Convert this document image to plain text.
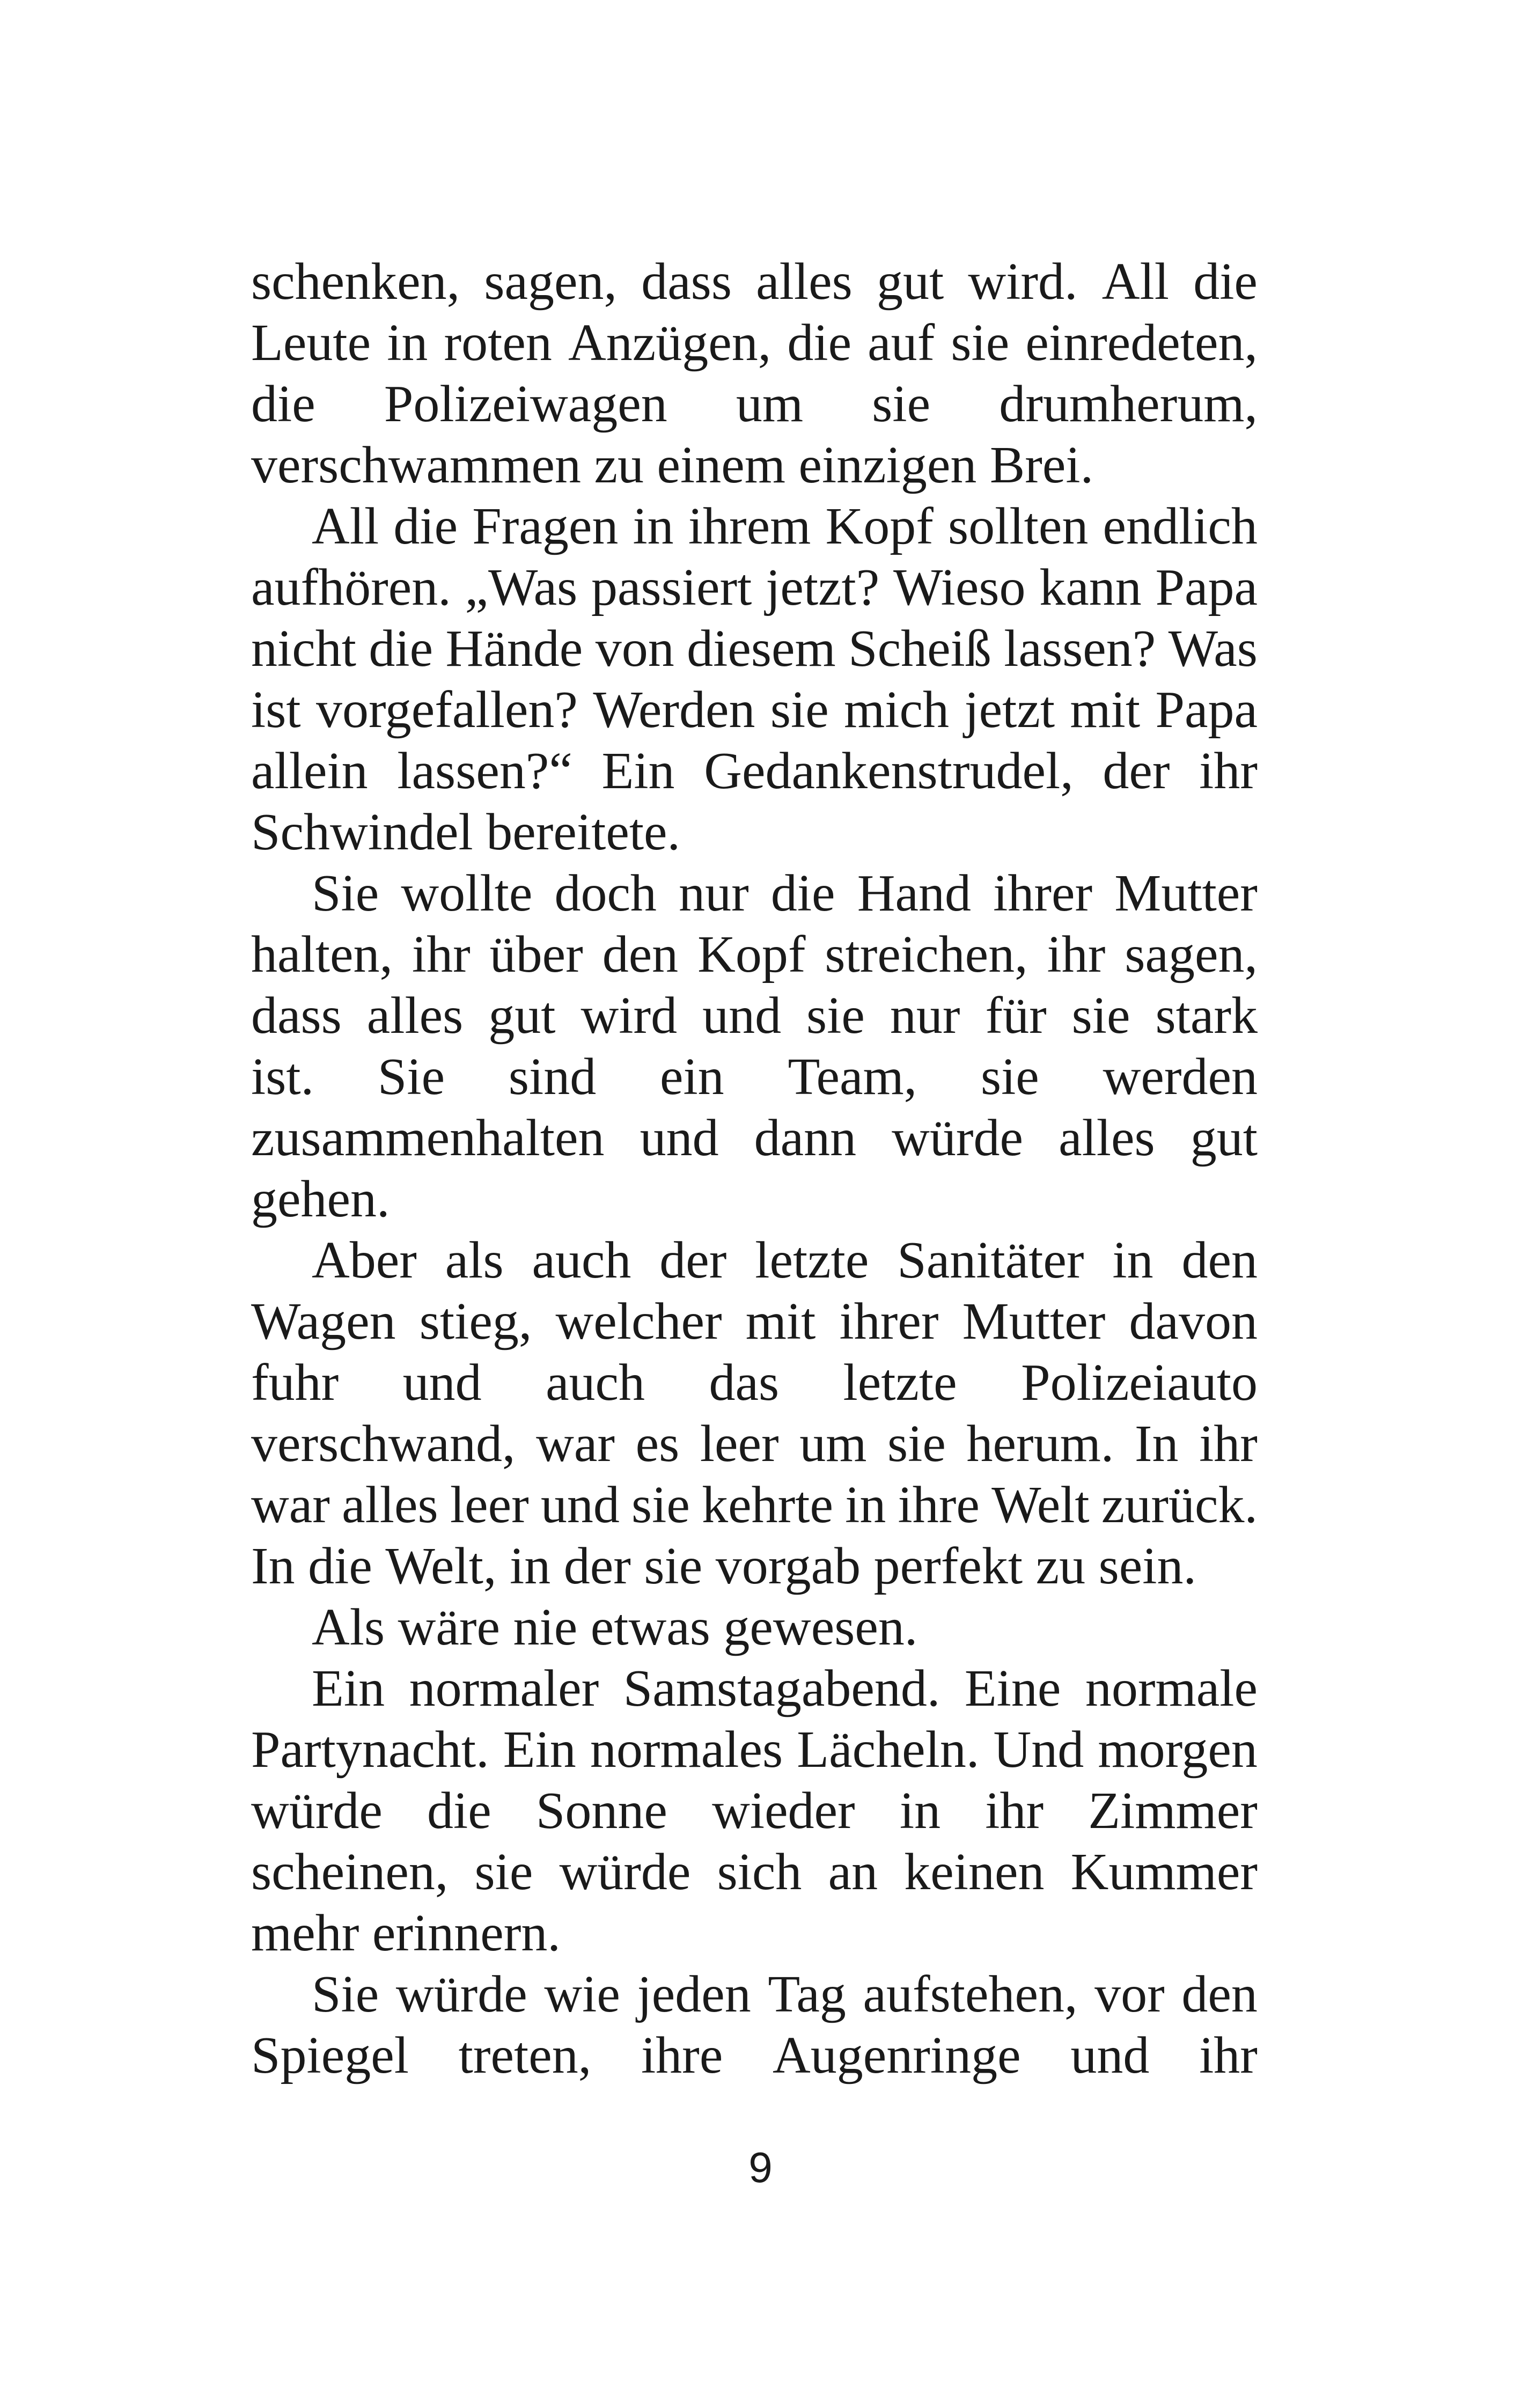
schenken, sagen, dass alles gut wird. All die
Leute in roten Anzügen, die auf sie einredeten,
die Polizeiwagen um sie drumherum,
verschwammen zu einem einzigen Brei.
All die Fragen in ihrem Kopf sollten endlich
aufhören. „Was passiert jetzt? Wieso kann Papa
nicht die Hände von diesem Scheiß lassen? Was
ist vorgefallen? Werden sie mich jetzt mit Papa
allein lassen?“ Ein Gedankenstrudel, der ihr
Schwindel bereitete.
Sie wollte doch nur die Hand ihrer Mutter
halten, ihr über den Kopf streichen, ihr sagen,
dass alles gut wird und sie nur für sie stark
ist. Sie sind ein Team, sie werden
zusammenhalten und dann würde alles gut
gehen.
Aber als auch der letzte Sanitäter in den
Wagen stieg, welcher mit ihrer Mutter davon
fuhr und auch das letzte Polizeiauto
verschwand, war es leer um sie herum. In ihr
war alles leer und sie kehrte in ihre Welt zurück.
In die Welt, in der sie vorgab perfekt zu sein.
Als wäre nie etwas gewesen.
Ein normaler Samstagabend. Eine normale
Partynacht. Ein normales Lächeln. Und morgen
würde die Sonne wieder in ihr Zimmer
scheinen, sie würde sich an keinen Kummer
mehr erinnern.
Sie würde wie jeden Tag aufstehen, vor den
Spiegel treten, ihre Augenringe und ihr
9
